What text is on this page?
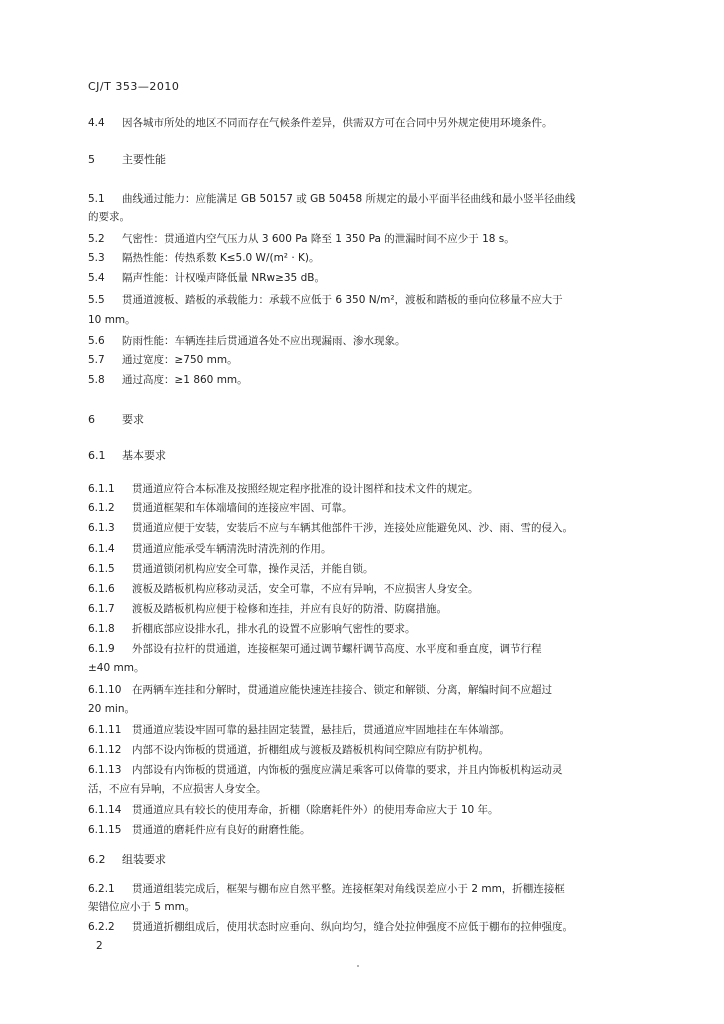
CJ/T 353—2010
4.4 因各城市所处的地区不同而存在气候条件差异，供需双方可在合同中另外规定使用环境条件。
5 主要性能
5.1 曲线通过能力：应能满足 GB 50157 或 GB 50458 所规定的最小平面半径曲线和最小竖半径曲线
的要求。
5.2 气密性：贯通道内空气压力从 3 600 Pa 降至 1 350 Pa 的泄漏时间不应少于 18 s。
5.3 隔热性能：传热系数 K≤5.0 W/(m² · K)。
5.4 隔声性能：计权噪声降低量 NRw≥35 dB。
5.5 贯通道渡板、踏板的承载能力：承载不应低于 6 350 N/m²，渡板和踏板的垂向位移量不应大于
10 mm。
5.6 防雨性能：车辆连挂后贯通道各处不应出现漏雨、渗水现象。
5.7 通过宽度：≥750 mm。
5.8 通过高度：≥1 860 mm。
6 要求
6.1 基本要求
6.1.1 贯通道应符合本标准及按照经规定程序批准的设计图样和技术文件的规定。
6.1.2 贯通道框架和车体端墙间的连接应牢固、可靠。
6.1.3 贯通道应便于安装，安装后不应与车辆其他部件干涉，连接处应能避免风、沙、雨、雪的侵入。
6.1.4 贯通道应能承受车辆清洗时清洗剂的作用。
6.1.5 贯通道锁闭机构应安全可靠，操作灵活，并能自锁。
6.1.6 渡板及踏板机构应移动灵活，安全可靠，不应有异响，不应损害人身安全。
6.1.7 渡板及踏板机构应便于检修和连挂，并应有良好的防滑、防腐措施。
6.1.8 折棚底部应设排水孔，排水孔的设置不应影响气密性的要求。
6.1.9 外部设有拉杆的贯通道，连接框架可通过调节螺杆调节高度、水平度和垂直度，调节行程
±40 mm。
6.1.10 在两辆车连挂和分解时，贯通道应能快速连挂接合、锁定和解锁、分离，解编时间不应超过
20 min。
6.1.11 贯通道应装设牢固可靠的悬挂固定装置，悬挂后，贯通道应牢固地挂在车体端部。
6.1.12 内部不设内饰板的贯通道，折棚组成与渡板及踏板机构间空隙应有防护机构。
6.1.13 内部设有内饰板的贯通道，内饰板的强度应满足乘客可以倚靠的要求，并且内饰板机构运动灵
活，不应有异响，不应损害人身安全。
6.1.14 贯通道应具有较长的使用寿命，折棚（除磨耗件外）的使用寿命应大于 10 年。
6.1.15 贯通道的磨耗件应有良好的耐磨性能。
6.2 组装要求
6.2.1 贯通道组装完成后，框架与棚布应自然平整。连接框架对角线误差应小于 2 mm，折棚连接框
架错位应小于 5 mm。
6.2.2 贯通道折棚组成后，使用状态时应垂向、纵向均匀，缝合处拉伸强度不应低于棚布的拉伸强度。
2
